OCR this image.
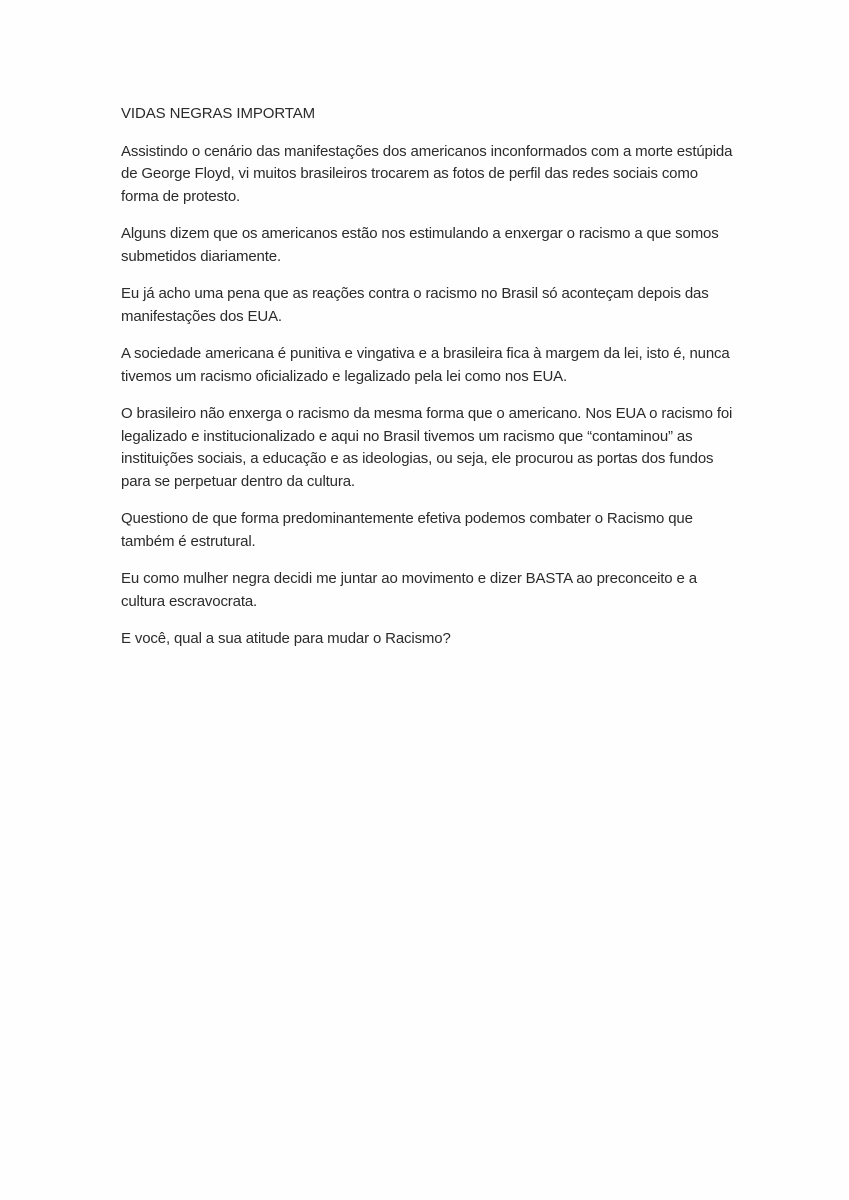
VIDAS NEGRAS IMPORTAM

Assistindo o cenário das manifestações dos americanos inconformados com a morte estúpida de George Floyd, vi muitos brasileiros trocarem as fotos de perfil das redes sociais como forma de protesto.

Alguns dizem que os americanos estão nos estimulando a enxergar o racismo a que somos submetidos diariamente.

Eu já acho uma pena que as reações contra o racismo no Brasil só aconteçam depois das manifestações dos EUA.

A sociedade americana é punitiva e vingativa e a brasileira fica à margem da lei, isto é, nunca tivemos um racismo oficializado e legalizado pela lei como nos EUA.

O brasileiro não enxerga o racismo da mesma forma que o americano. Nos EUA o racismo foi legalizado e institucionalizado e aqui no Brasil tivemos um racismo que “contaminou” as instituições sociais, a educação e as ideologias, ou seja, ele procurou as portas dos fundos para se perpetuar dentro da cultura.

Questiono de que forma predominantemente efetiva podemos combater o Racismo que também é estrutural.

Eu como mulher negra decidi me juntar ao movimento e dizer BASTA ao preconceito e a cultura escravocrata.

E você, qual a sua atitude para mudar o Racismo?
